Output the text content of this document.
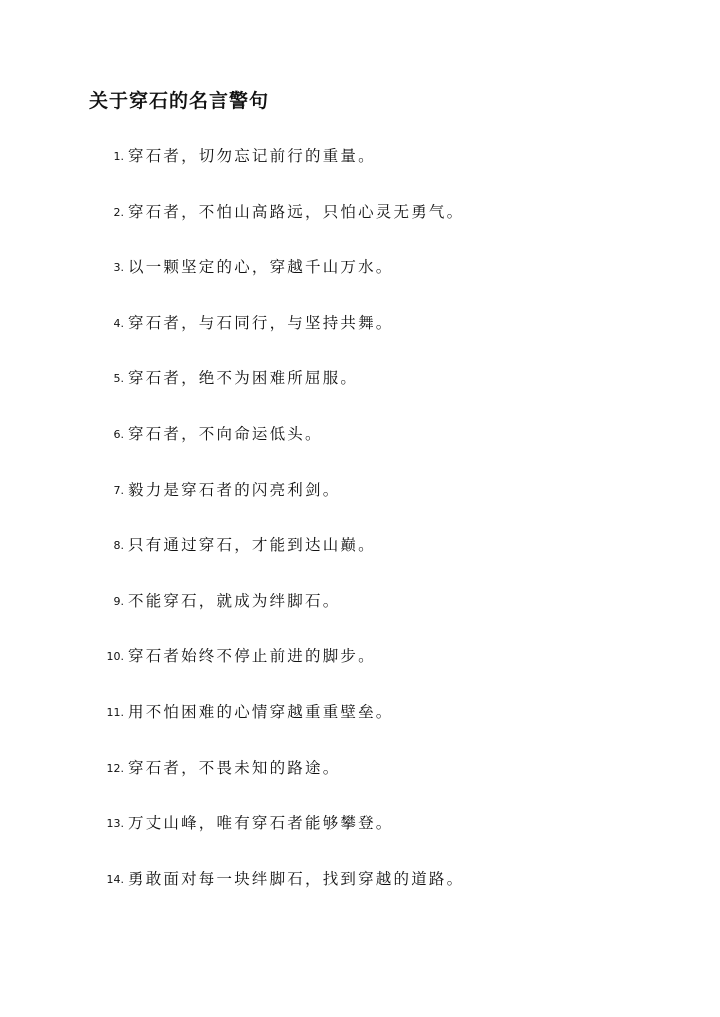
关于穿石的名言警句
1. 穿石者，切勿忘记前行的重量。
2. 穿石者，不怕山高路远，只怕心灵无勇气。
3. 以一颗坚定的心，穿越千山万水。
4. 穿石者，与石同行，与坚持共舞。
5. 穿石者，绝不为困难所屈服。
6. 穿石者，不向命运低头。
7. 毅力是穿石者的闪亮利剑。
8. 只有通过穿石，才能到达山巅。
9. 不能穿石，就成为绊脚石。
10. 穿石者始终不停止前进的脚步。
11. 用不怕困难的心情穿越重重壁垒。
12. 穿石者，不畏未知的路途。
13. 万丈山峰，唯有穿石者能够攀登。
14. 勇敢面对每一块绊脚石，找到穿越的道路。
